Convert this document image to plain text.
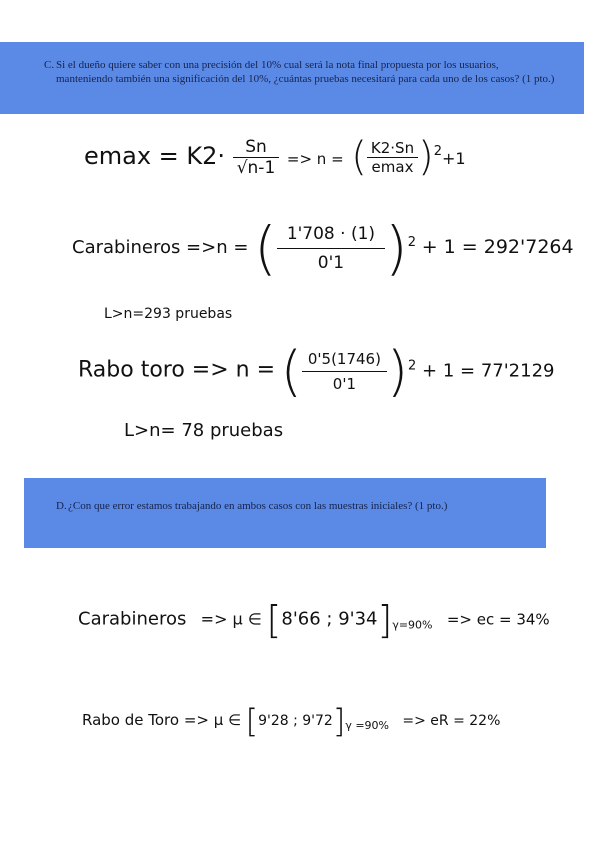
C. Si el dueño quiere saber con una precisión del 10% cual será la nota final propuesta por los usuarios, manteniendo también una significación del 10%, ¿cuántas pruebas necesitará para cada uno de los casos? (1 pto.)
$emax = K2\cdot \frac{Sn}{√n-1} => n$ = ( $\frac{K2\cdot Sn}{emax} )^2+1$
Carabineros =>n = ( $\frac{1'708 \cdot (1)}{0'1} )^2 + 1 = 292'7264$
L>n=293 pruebas
Rabo toro => n = ( $\frac{0'5(1746)}{0'1} )^2 + 1 = 77'2129$
L>n= 78 pruebas
D. ¿Con que error estamos trabajando en ambos casos con las muestras iniciales? (1 pto.)
Carabineros => μ ∈ [8'66 ; $9'34]_{\gamma=90\%}$ => ec = 34%
Rabo de Toro => μ ∈ [9'28 ; $9'72]_{\gamma =90\%}$ => eR = 22%
